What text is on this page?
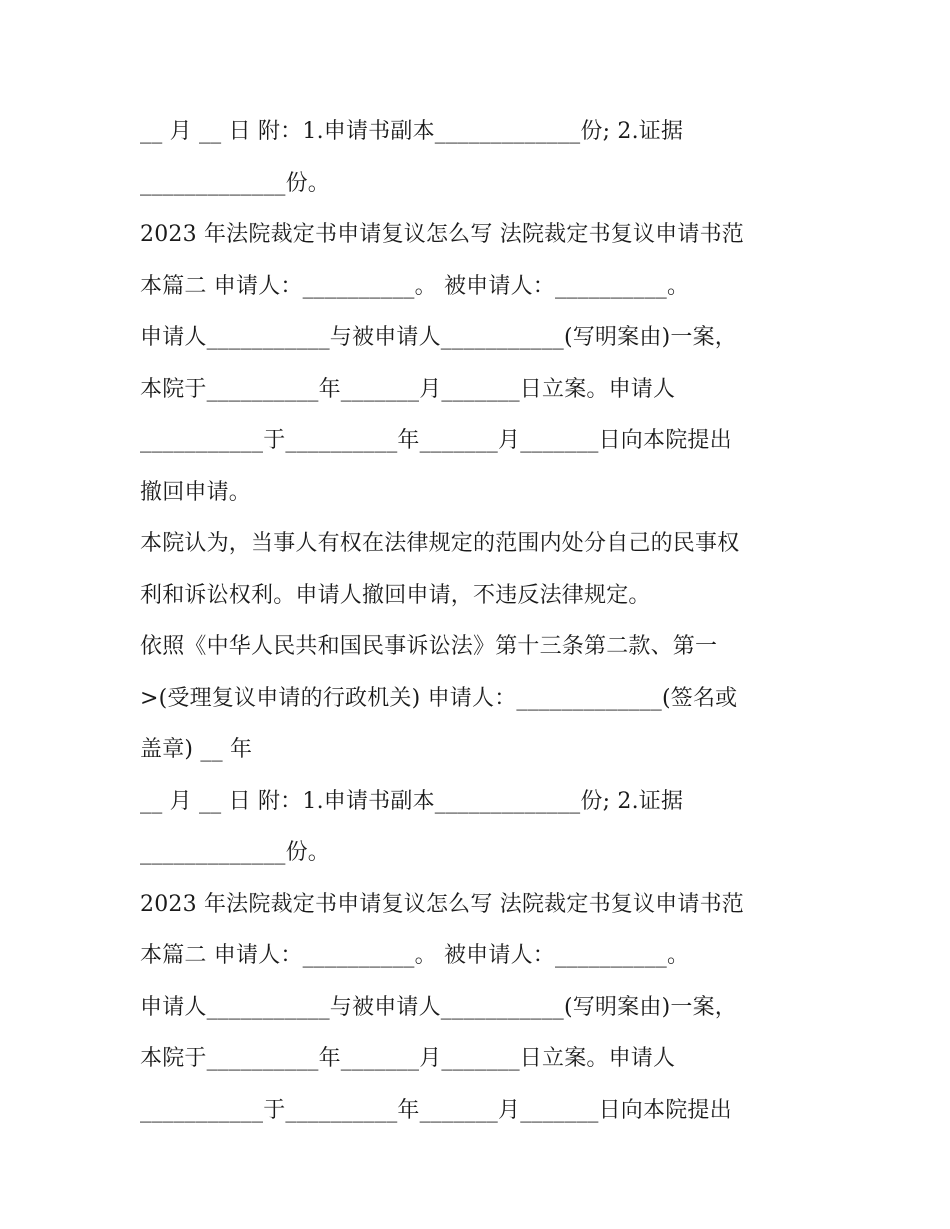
__ 月 __ 日 附：1.申请书副本_____________份; 2.证据
_____________份。
2023 年法院裁定书申请复议怎么写 法院裁定书复议申请书范
本篇二 申请人：__________。 被申请人：__________。
申请人___________与被申请人___________(写明案由)一案，
本院于__________年_______月_______日立案。申请人
___________于__________年_______月_______日向本院提出
撤回申请。
本院认为，当事人有权在法律规定的范围内处分自己的民事权
利和诉讼权利。申请人撤回申请，不违反法律规定。
依照《中华人民共和国民事诉讼法》第十三条第二款、第一
>(受理复议申请的行政机关) 申请人：_____________(签名或
盖章) __ 年
__ 月 __ 日 附：1.申请书副本_____________份; 2.证据
_____________份。
2023 年法院裁定书申请复议怎么写 法院裁定书复议申请书范
本篇二 申请人：__________。 被申请人：__________。
申请人___________与被申请人___________(写明案由)一案，
本院于__________年_______月_______日立案。申请人
___________于__________年_______月_______日向本院提出
